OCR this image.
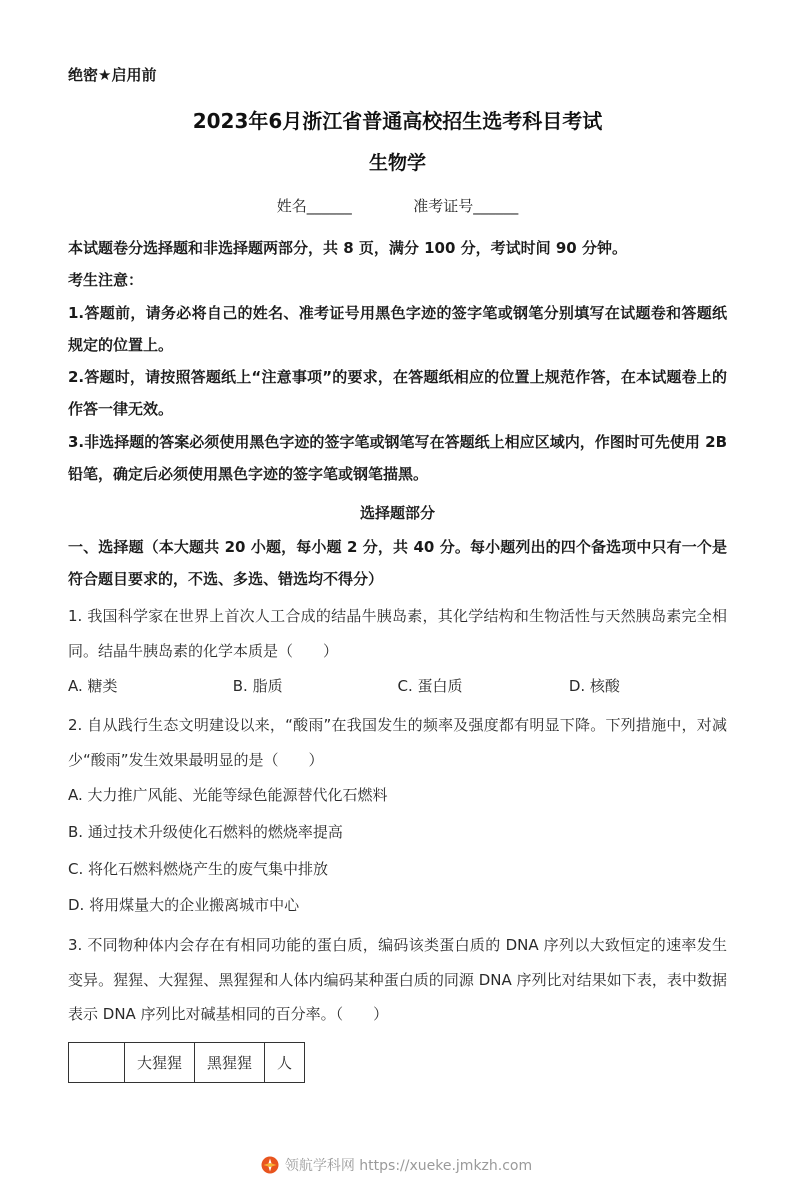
绝密★启用前
2023年6月浙江省普通高校招生选考科目考试
生物学
姓名______	准考证号______
本试题卷分选择题和非选择题两部分，共 8 页，满分 100 分，考试时间 90 分钟。
考生注意：

1.答题前，请务必将自己的姓名、准考证号用黑色字迹的签字笔或钢笔分别填写在试题卷和答题纸规定的位置上。

2.答题时，请按照答题纸上“注意事项”的要求，在答题纸相应的位置上规范作答，在本试题卷上的作答一律无效。

3.非选择题的答案必须使用黑色字迹的签字笔或钢笔写在答题纸上相应区域内，作图时可先使用 2B 铅笔，确定后必须使用黑色字迹的签字笔或钢笔描黑。

选择题部分
一、选择题（本大题共 20 小题，每小题 2 分，共 40 分。每小题列出的四个备选项中只有一个是符合题目要求的，不选、多选、错选均不得分）
1. 我国科学家在世界上首次人工合成的结晶牛胰岛素，其化学结构和生物活性与天然胰岛素完全相同。结晶牛胰岛素的化学本质是（　　）
A. 糖类	B. 脂质	C. 蛋白质	D. 核酸
2. 自从践行生态文明建设以来，“酸雨”在我国发生的频率及强度都有明显下降。下列措施中，对减少“酸雨”发生效果最明显的是（　　）
A. 大力推广风能、光能等绿色能源替代化石燃料
B. 通过技术升级使化石燃料的燃烧率提高
C. 将化石燃料燃烧产生的废气集中排放
D. 将用煤量大的企业搬离城市中心
3. 不同物种体内会存在有相同功能的蛋白质，编码该类蛋白质的 DNA 序列以大致恒定的速率发生变异。猩猩、大猩猩、黑猩猩和人体内编码某种蛋白质的同源 DNA 序列比对结果如下表，表中数据表示 DNA 序列比对碱基相同的百分率。（　　）
	大猩猩	黑猩猩	人
领航学科网 https://xueke.jmkzh.com
